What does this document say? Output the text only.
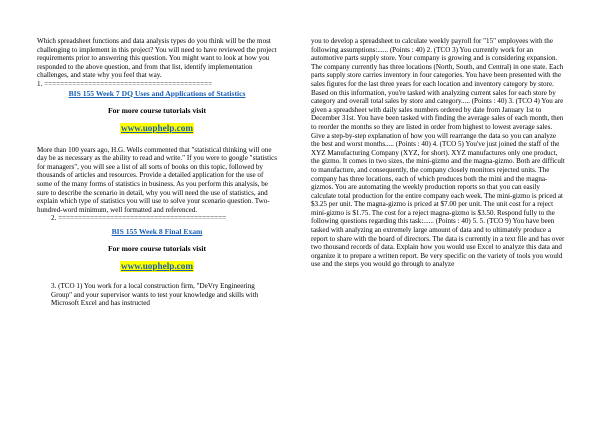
Which spreadsheet functions and data analysis types do you think will be the most challenging to implement in this project? You will need to have reviewed the project requirements prior to answering this question. You might want to look at how you responded to the above question, and from that list, identify implementation challenges, and state why you feel that way.

1. ==========================================

BIS 155 Week 7 DQ Uses and Applications of Statistics

For more course tutorials visit

www.uophelp.com

More than 100 years ago, H.G. Wells commented that "statistical thinking will one day be as necessary as the ability to read and write." If you were to google "statistics for managers", you will see a list of all sorts of books on this topic, followed by thousands of articles and resources. Provide a detailed application for the use of some of the many forms of statistics in business. As you perform this analysis, be sure to describe the scenario in detail, why you will need the use of statistics, and explain which type of statistics you will use to solve your scenario question. Two-hundred-word minimum, well formatted and referenced.

2. ==========================================

BIS 155 Week 8 Final Exam

For more course tutorials visit

www.uophelp.com

3. (TCO 1) You work for a local construction firm, "DeVry Engineering Group" and your supervisor wants to test your knowledge and skills with Microsoft Excel and has instructed

you to develop a spreadsheet to calculate weekly payroll for "15" employees with the following assumptions:...... (Points : 40) 2. (TCO 3) You currently work for an automotive parts supply store. Your company is growing and is considering expansion. The company currently has three locations (North, South, and Central) in one state. Each parts supply store carries inventory in four categories. You have been presented with the sales figures for the last three years for each location and inventory category by store. Based on this information, you're tasked with analyzing current sales for each store by category and overall total sales by store and category..... (Points : 40) 3. (TCO 4) You are given a spreadsheet with daily sales numbers ordered by date from January 1st to December 31st. You have been tasked with finding the average sales of each month, then to reorder the months so they are listed in order from highest to lowest average sales. Give a step-by-step explanation of how you will rearrange the data so you can analyze the best and worst months..... (Points : 40) 4. (TCO 5) You've just joined the staff of the XYZ Manufacturing Company (XYZ, for short). XYZ manufactures only one product, the gizmo. It comes in two sizes, the mini-gizmo and the magna-gizmo. Both are difficult to manufacture, and consequently, the company closely monitors rejected units. The company has three locations, each of which produces both the mini and the magna-gizmos. You are automating the weekly production reports so that you can easily calculate total production for the entire company each week. The mini-gizmo is priced at $3.25 per unit. The magna-gizmo is priced at $7.00 per unit. The unit cost for a reject mini-gizmo is $1.75. The cost for a reject magna-gizmo is $3.50. Respond fully to the following questions regarding this task:...... (Points : 40) 5. 5. (TCO 9) You have been tasked with analyzing an extremely large amount of data and to ultimately produce a report to share with the board of directors. The data is currently in a text file and has over two thousand records of data. Explain how you would use Excel to analyze this data and organize it to prepare a written report. Be very specific on the variety of tools you would use and the steps you would go through to analyze
